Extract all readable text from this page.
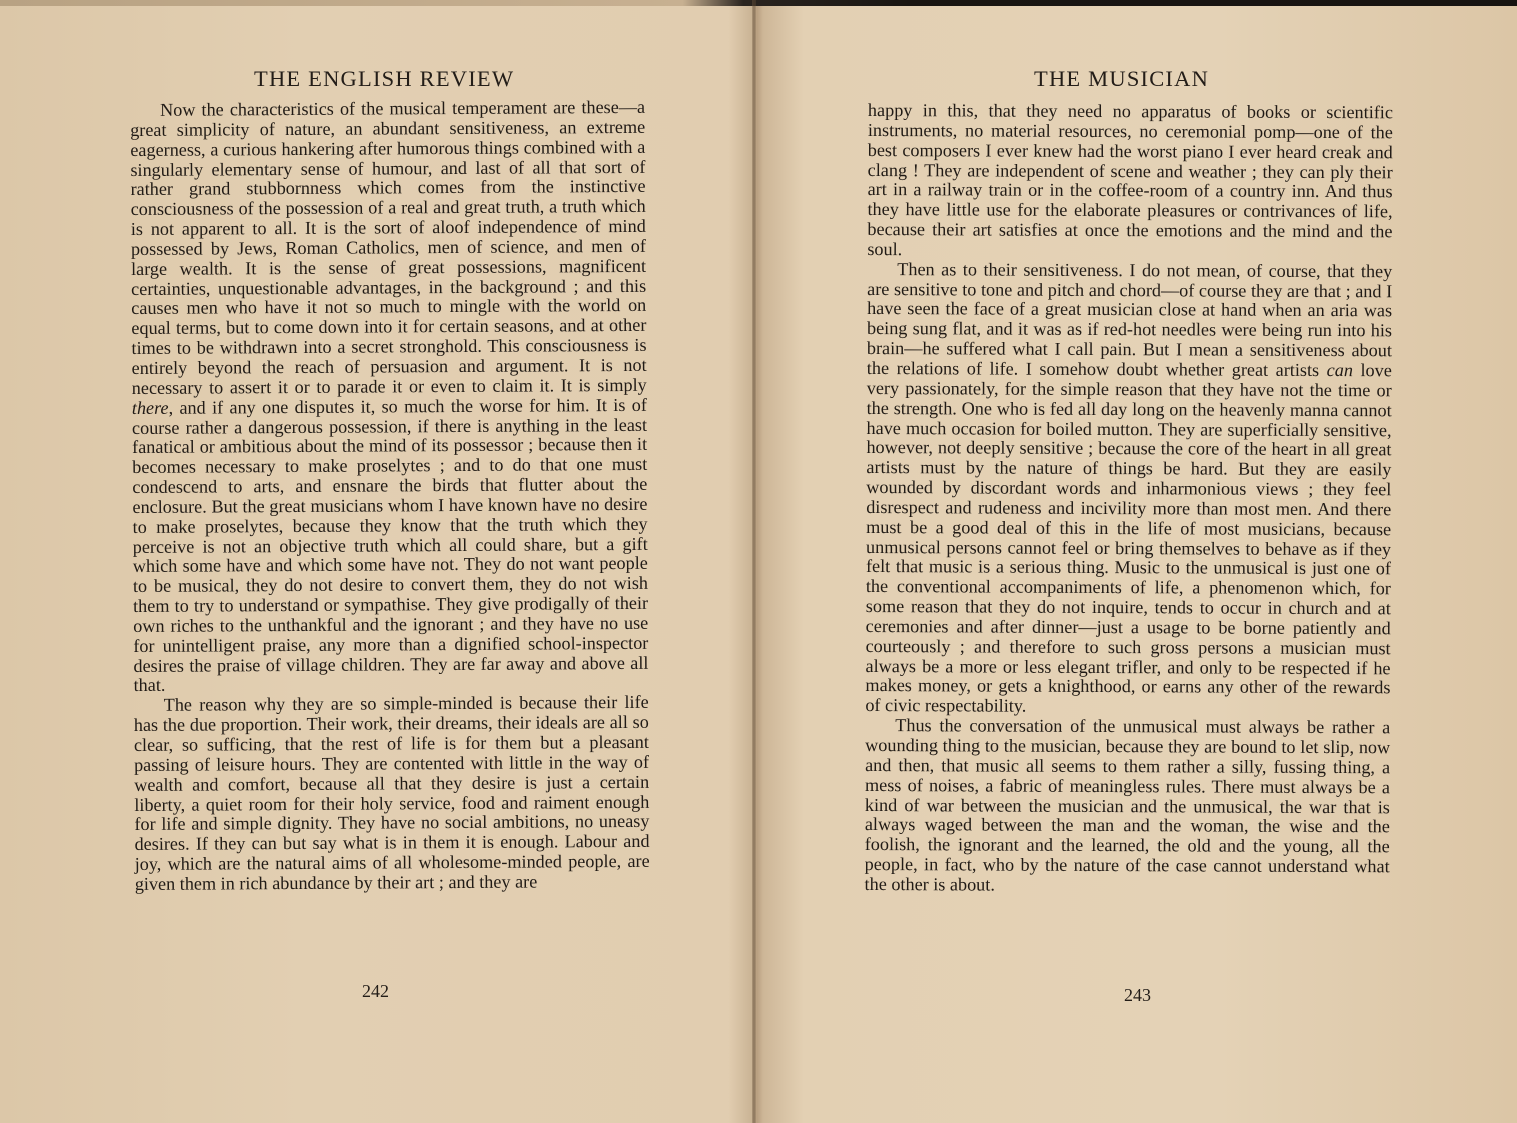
THE ENGLISH REVIEW

Now the characteristics of the musical temperament are these—a great simplicity of nature, an abundant sensitiveness, an extreme eagerness, a curious hankering after humorous things combined with a singularly elementary sense of humour, and last of all that sort of rather grand stubbornness which comes from the instinctive consciousness of the possession of a real and great truth, a truth which is not apparent to all. It is the sort of aloof independence of mind possessed by Jews, Roman Catholics, men of science, and men of large wealth. It is the sense of great possessions, magnificent certainties, unquestionable advantages, in the background ; and this causes men who have it not so much to mingle with the world on equal terms, but to come down into it for certain seasons, and at other times to be withdrawn into a secret stronghold. This consciousness is entirely beyond the reach of persuasion and argument. It is not necessary to assert it or to parade it or even to claim it. It is simply there, and if any one disputes it, so much the worse for him. It is of course rather a dangerous possession, if there is anything in the least fanatical or ambitious about the mind of its possessor ; because then it becomes necessary to make proselytes ; and to do that one must condescend to arts, and ensnare the birds that flutter about the enclosure. But the great musicians whom I have known have no desire to make proselytes, because they know that the truth which they perceive is not an objective truth which all could share, but a gift which some have and which some have not. They do not want people to be musical, they do not desire to convert them, they do not wish them to try to understand or sympathise. They give prodigally of their own riches to the unthankful and the ignorant ; and they have no use for unintelligent praise, any more than a dignified school-inspector desires the praise of village children. They are far away and above all that.

The reason why they are so simple-minded is because their life has the due proportion. Their work, their dreams, their ideals are all so clear, so sufficing, that the rest of life is for them but a pleasant passing of leisure hours. They are contented with little in the way of wealth and comfort, because all that they desire is just a certain liberty, a quiet room for their holy service, food and raiment enough for life and simple dignity. They have no social ambitions, no uneasy desires. If they can but say what is in them it is enough. Labour and joy, which are the natural aims of all wholesome-minded people, are given them in rich abundance by their art ; and they are

242
THE MUSICIAN

happy in this, that they need no apparatus of books or scientific instruments, no material resources, no ceremonial pomp—one of the best composers I ever knew had the worst piano I ever heard creak and clang ! They are independent of scene and weather ; they can ply their art in a railway train or in the coffee-room of a country inn. And thus they have little use for the elaborate pleasures or contrivances of life, because their art satisfies at once the emotions and the mind and the soul.

Then as to their sensitiveness. I do not mean, of course, that they are sensitive to tone and pitch and chord—of course they are that ; and I have seen the face of a great musician close at hand when an aria was being sung flat, and it was as if red-hot needles were being run into his brain—he suffered what I call pain. But I mean a sensitiveness about the relations of life. I somehow doubt whether great artists can love very passionately, for the simple reason that they have not the time or the strength. One who is fed all day long on the heavenly manna cannot have much occasion for boiled mutton. They are superficially sensitive, however, not deeply sensitive ; because the core of the heart in all great artists must by the nature of things be hard. But they are easily wounded by discordant words and inharmonious views ; they feel disrespect and rudeness and incivility more than most men. And there must be a good deal of this in the life of most musicians, because unmusical persons cannot feel or bring themselves to behave as if they felt that music is a serious thing. Music to the unmusical is just one of the conventional accompaniments of life, a phenomenon which, for some reason that they do not inquire, tends to occur in church and at ceremonies and after dinner—just a usage to be borne patiently and courteously ; and therefore to such gross persons a musician must always be a more or less elegant trifler, and only to be respected if he makes money, or gets a knighthood, or earns any other of the rewards of civic respectability.

Thus the conversation of the unmusical must always be rather a wounding thing to the musician, because they are bound to let slip, now and then, that music all seems to them rather a silly, fussing thing, a mess of noises, a fabric of meaningless rules. There must always be a kind of war between the musician and the unmusical, the war that is always waged between the man and the woman, the wise and the foolish, the ignorant and the learned, the old and the young, all the people, in fact, who by the nature of the case cannot understand what the other is about.

243
